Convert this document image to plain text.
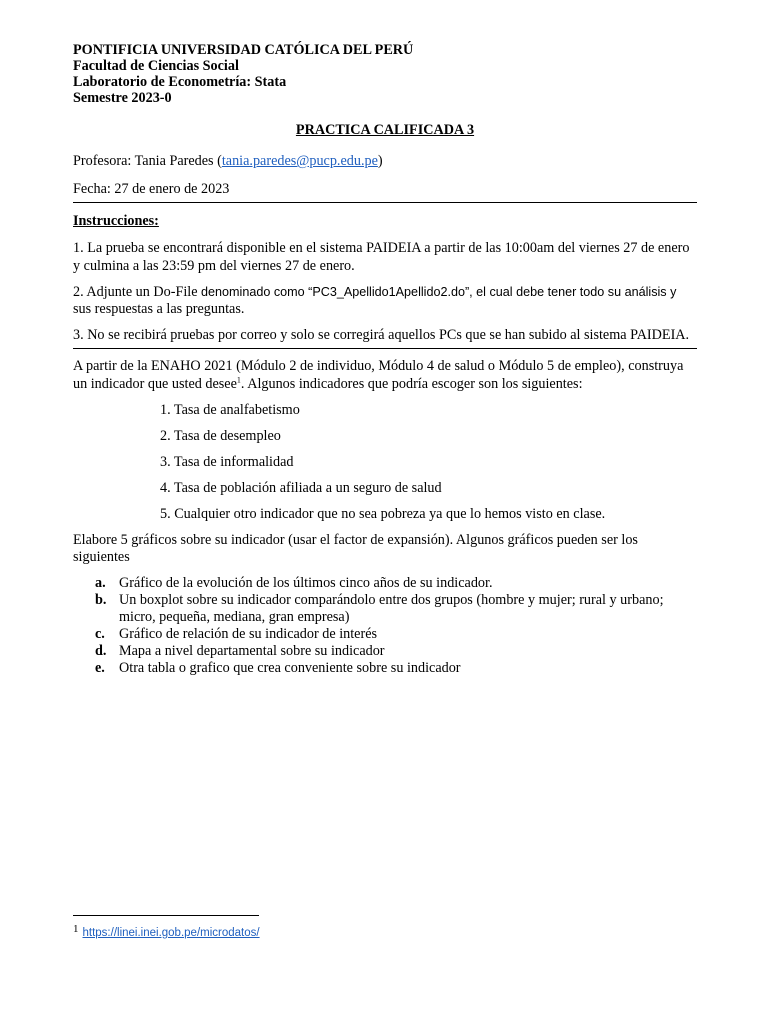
PONTIFICIA UNIVERSIDAD CATÓLICA DEL PERÚ

Facultad de Ciencias Social

Laboratorio de Econometría: Stata

Semestre 2023-0

PRACTICA CALIFICADA 3

Profesora: Tania Paredes (tania.paredes@pucp.edu.pe)

Fecha: 27 de enero de 2023

Instrucciones:

1. La prueba se encontrará disponible en el sistema PAIDEIA a partir de las 10:00am del viernes 27 de enero y culmina a las 23:59 pm del viernes 27 de enero.

2. Adjunte un Do-File denominado como “PC3_Apellido1Apellido2.do”, el cual debe tener todo su análisis y
sus respuestas a las preguntas.

3. No se recibirá pruebas por correo y solo se corregirá aquellos PCs que se han subido al sistema PAIDEIA.

A partir de la ENAHO 2021 (Módulo 2 de individuo, Módulo 4 de salud o Módulo 5 de empleo), construya un indicador que usted desee$^1$. Algunos indicadores que podría escoger son los siguientes:

1. Tasa de analfabetismo
2. Tasa de desempleo
3. Tasa de informalidad
4. Tasa de población afiliada a un seguro de salud
5. Cualquier otro indicador que no sea pobreza ya que lo hemos visto en clase.

Elabore 5 gráficos sobre su indicador (usar el factor de expansión). Algunos gráficos pueden ser los siguientes

a. Gráfico de la evolución de los últimos cinco años de su indicador.
b. Un boxplot sobre su indicador comparándolo entre dos grupos (hombre y mujer; rural y urbano; micro, pequeña, mediana, gran empresa)
c. Gráfico de relación de su indicador de interés
d. Mapa a nivel departamental sobre su indicador
e. Otra tabla o grafico que crea conveniente sobre su indicador
1 https://linei.inei.gob.pe/microdatos/
